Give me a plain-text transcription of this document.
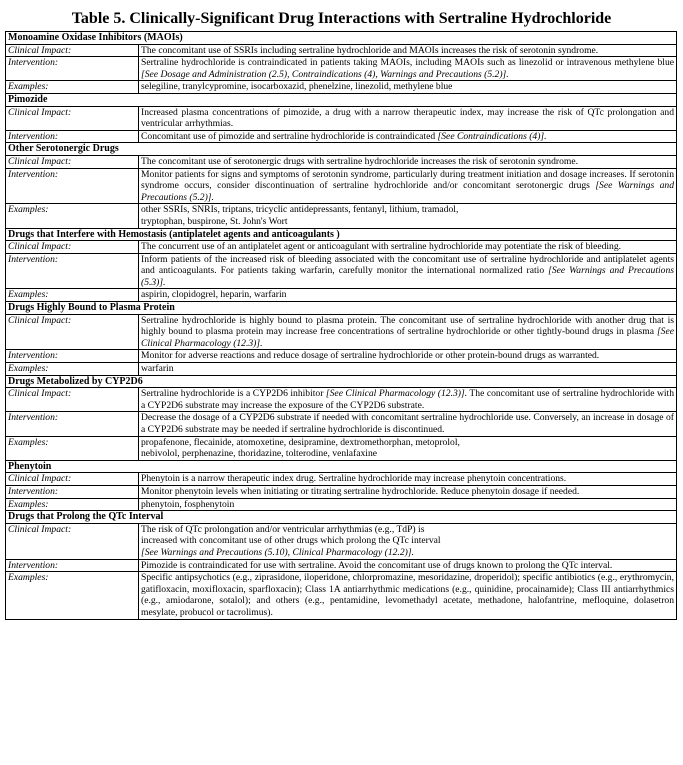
Table 5. Clinically-Significant Drug Interactions with Sertraline Hydrochloride
Monoamine Oxidase Inhibitors (MAOIs)	
Clinical Impact:	The concomitant use of SSRIs including sertraline hydrochloride and MAOIs increases the risk of serotonin syndrome.
Intervention:	Sertraline hydrochloride is contraindicated in patients taking MAOIs, including MAOIs such as linezolid or intravenous methylene blue [See Dosage and Administration (2.5), Contraindications (4), Warnings and Precautions (5.2)].
Examples:	selegiline, tranylcypromine, isocarboxazid, phenelzine, linezolid, methylene blue
Pimozide	
Clinical Impact:	Increased plasma concentrations of pimozide, a drug with a narrow therapeutic index, may increase the risk of QTc prolongation and ventricular arrhythmias.
Intervention:	Concomitant use of pimozide and sertraline hydrochloride is contraindicated [See Contraindications (4)].
Other Serotonergic Drugs	
Clinical Impact:	The concomitant use of serotonergic drugs with sertraline hydrochloride increases the risk of serotonin syndrome.
Intervention:	Monitor patients for signs and symptoms of serotonin syndrome, particularly during treatment initiation and dosage increases. If serotonin syndrome occurs, consider discontinuation of sertraline hydrochloride and/or concomitant serotonergic drugs [See Warnings and Precautions (5.2)].
Examples:	other SSRIs, SNRIs, triptans, tricyclic antidepressants, fentanyl, lithium, tramadol,
tryptophan, buspirone, St. John's Wort
Drugs that Interfere with Hemostasis (antiplatelet agents and anticoagulants )	
Clinical Impact:	The concurrent use of an antiplatelet agent or anticoagulant with sertraline hydrochloride may potentiate the risk of bleeding.
Intervention:	Inform patients of the increased risk of bleeding associated with the concomitant use of sertraline hydrochloride and antiplatelet agents and anticoagulants. For patients taking warfarin, carefully monitor the international normalized ratio [See Warnings and Precautions (5.3)].
Examples:	aspirin, clopidogrel, heparin, warfarin
Drugs Highly Bound to Plasma Protein	
Clinical Impact:	Sertraline hydrochloride is highly bound to plasma protein. The concomitant use of sertraline hydrochloride with another drug that is highly bound to plasma protein may increase free concentrations of sertraline hydrochloride or other tightly-bound drugs in plasma [See Clinical Pharmacology (12.3)].
Intervention:	Monitor for adverse reactions and reduce dosage of sertraline hydrochloride or other protein-bound drugs as warranted.
Examples:	warfarin
Drugs Metabolized by CYP2D6	
Clinical Impact:	Sertraline hydrochloride is a CYP2D6 inhibitor [See Clinical Pharmacology (12.3)]. The concomitant use of sertraline hydrochloride with a CYP2D6 substrate may increase the exposure of the CYP2D6 substrate.
Intervention:	Decrease the dosage of a CYP2D6 substrate if needed with concomitant sertraline hydrochloride use. Conversely, an increase in dosage of a CYP2D6 substrate may be needed if sertraline hydrochloride is discontinued.
Examples:	propafenone, flecainide, atomoxetine, desipramine, dextromethorphan, metoprolol,
nebivolol, perphenazine, thoridazine, tolterodine, venlafaxine
Phenytoin	
Clinical Impact:	Phenytoin is a narrow therapeutic index drug. Sertraline hydrochloride may increase phenytoin concentrations.
Intervention:	Monitor phenytoin levels when initiating or titrating sertraline hydrochloride. Reduce phenytoin dosage if needed.
Examples:	phenytoin, fosphenytoin
Drugs that Prolong the QTc Interval	
Clinical Impact:	The risk of QTc prolongation and/or ventricular arrhythmias (e.g., TdP) is
increased with concomitant use of other drugs which prolong the QTc interval
[See Warnings and Precautions (5.10), Clinical Pharmacology (12.2)].
Intervention:	Pimozide is contraindicated for use with sertraline. Avoid the concomitant use of drugs known to prolong the QTc interval.
Examples:	Specific antipsychotics (e.g., ziprasidone, iloperidone, chlorpromazine, mesoridazine, droperidol); specific antibiotics (e.g., erythromycin, gatifloxacin, moxifloxacin, sparfloxacin); Class 1A antiarrhythmic medications (e.g., quinidine, procainamide); Class III antiarrhythmics (e.g., amiodarone, sotalol); and others (e.g., pentamidine, levomethadyl acetate, methadone, halofantrine, mefloquine, dolasetron mesylate, probucol or tacrolimus).
